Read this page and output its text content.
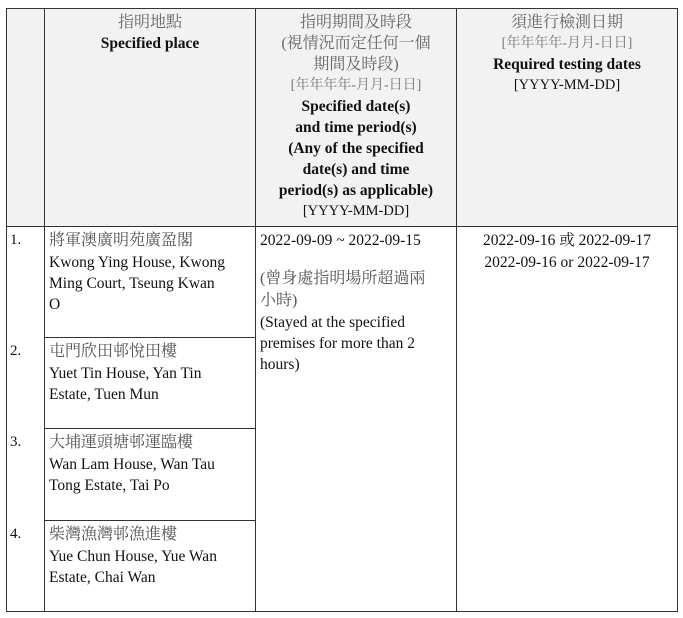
指明地點
Specified place
指明期間及時段
(視情況而定任何一個
期間及時段)
[年年年年-月月-日日]
Specified date(s)
and time period(s)
(Any of the specified
date(s) and time
period(s) as applicable)
[YYYY-MM-DD]
須進行檢測日期
[年年年年-月月-日日]
Required testing dates
[YYYY-MM-DD]
1. 將軍澳廣明苑廣盈閣
Kwong Ying House, Kwong
Ming Court, Tseung Kwan
O
2. 屯門欣田邨悅田樓
Yuet Tin House, Yan Tin
Estate, Tuen Mun
3. 大埔運頭塘邨運臨樓
Wan Lam House, Wan Tau
Tong Estate, Tai Po
4. 柴灣漁灣邨漁進樓
Yue Chun House, Yue Wan
Estate, Chai Wan
2022-09-09 ~ 2022-09-15
(曾身處指明場所超過兩
小時)
(Stayed at the specified
premises for more than 2
hours)
2022-09-16 或 2022-09-17
2022-09-16 or 2022-09-17
